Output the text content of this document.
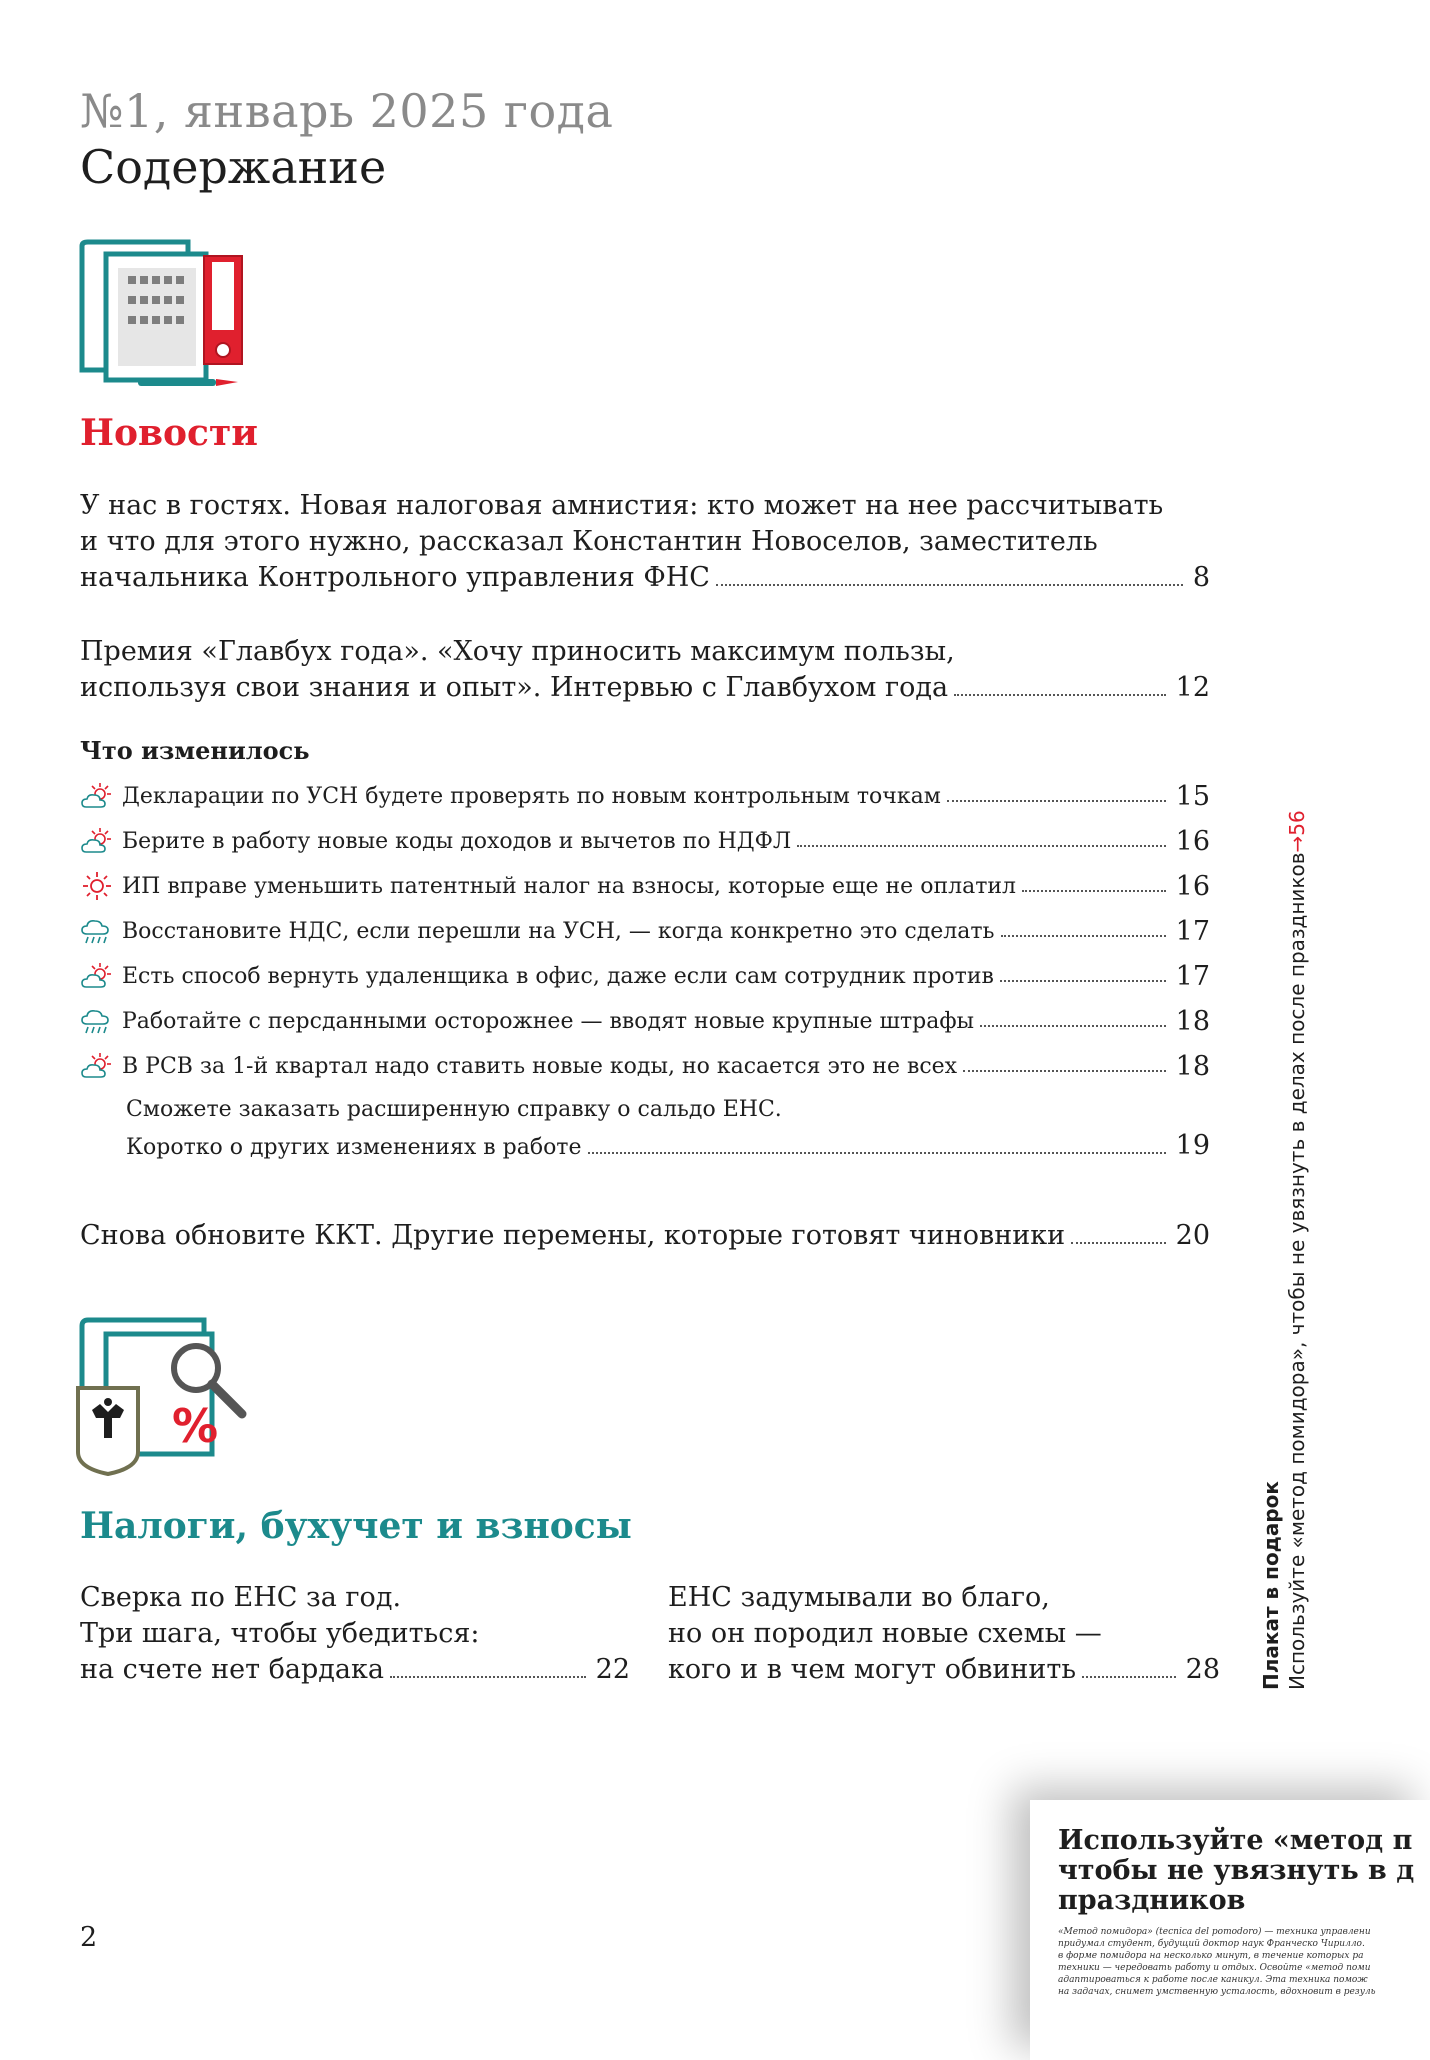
№1, январь 2025 года
Содержание
Новости
У нас в гостях. Новая налоговая амнистия: кто может на нее рассчитывать
и что для этого нужно, рассказал Константин Новоселов, заместитель
начальника Контрольного управления ФНС	8
Премия «Главбух года». «Хочу приносить максимум пользы,
используя свои знания и опыт». Интервью с Главбухом года	12
Что изменилось
Декларации по УСН будете проверять по новым контрольным точкам	15
Берите в работу новые коды доходов и вычетов по НДФЛ	16
ИП вправе уменьшить патентный налог на взносы, которые еще не оплатил	16
Восстановите НДС, если перешли на УСН, — когда конкретно это сделать	17
Есть способ вернуть удаленщика в офис, даже если сам сотрудник против	17
Работайте с персданными осторожнее — вводят новые крупные штрафы	18
В РСВ за 1-й квартал надо ставить новые коды, но касается это не всех	18
Сможете заказать расширенную справку о сальдо ЕНС.
Коротко о других изменениях в работе	19
Снова обновите ККТ. Другие перемены, которые готовят чиновники	20
%
Налоги, бухучет и взносы
Сверка по ЕНС за год.
Три шага, чтобы убедиться:
на счете нет бардака	22
ЕНС задумывали во благо,
но он породил новые схемы —
кого и в чем могут обвинить	28 Плакат в подарок Используйте «метод помидора», чтобы не увязнуть в делах после праздников→56
2
Используйте «метод п
чтобы не увязнуть в д
праздников
«Метод помидора» (tecnica del pomodoro) — техника управлени
придумал студент, будущий доктор наук Франческо Чирилло.
в форме помидора на несколько минут, в течение которых ра
техники — чередовать работу и отдых. Освойте «метод поми
адаптироваться к работе после каникул. Эта техника помож
на задачах, снимет умственную усталость, вдохновит в резуль
